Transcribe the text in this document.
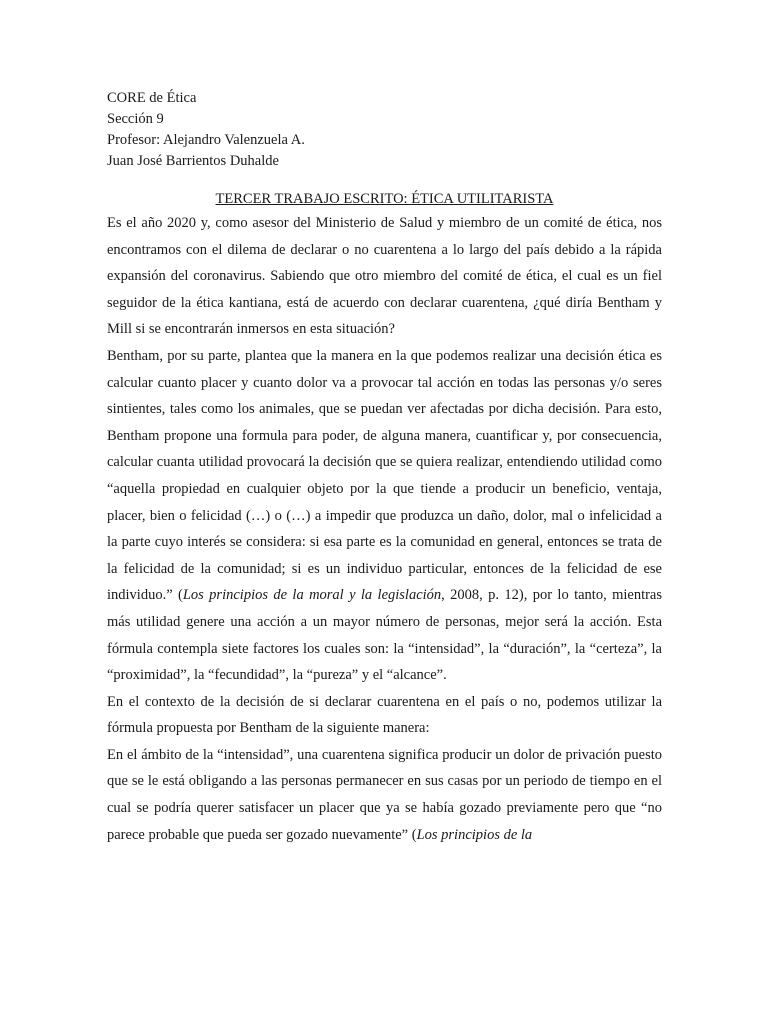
CORE de Ética

Sección 9

Profesor: Alejandro Valenzuela A.

Juan José Barrientos Duhalde

TERCER TRABAJO ESCRITO: ÉTICA UTILITARISTA

Es el año 2020 y, como asesor del Ministerio de Salud y miembro de un comité de ética, nos encontramos con el dilema de declarar o no cuarentena a lo largo del país debido a la rápida expansión del coronavirus. Sabiendo que otro miembro del comité de ética, el cual es un fiel seguidor de la ética kantiana, está de acuerdo con declarar cuarentena, ¿qué diría Bentham y Mill si se encontrarán inmersos en esta situación?

Bentham, por su parte, plantea que la manera en la que podemos realizar una decisión ética es calcular cuanto placer y cuanto dolor va a provocar tal acción en todas las personas y/o seres sintientes, tales como los animales, que se puedan ver afectadas por dicha decisión. Para esto, Bentham propone una formula para poder, de alguna manera, cuantificar y, por consecuencia, calcular cuanta utilidad provocará la decisión que se quiera realizar, entendiendo utilidad como “aquella propiedad en cualquier objeto por la que tiende a producir un beneficio, ventaja, placer, bien o felicidad (…) o (…) a impedir que produzca un daño, dolor, mal o infelicidad a la parte cuyo interés se considera: si esa parte es la comunidad en general, entonces se trata de la felicidad de la comunidad; si es un individuo particular, entonces de la felicidad de ese individuo.” (Los principios de la moral y la legislación, 2008, p. 12), por lo tanto, mientras más utilidad genere una acción a un mayor número de personas, mejor será la acción. Esta fórmula contempla siete factores los cuales son: la “intensidad”, la “duración”, la “certeza”, la “proximidad”, la “fecundidad”, la “pureza” y el “alcance”.

En el contexto de la decisión de si declarar cuarentena en el país o no, podemos utilizar la fórmula propuesta por Bentham de la siguiente manera:

En el ámbito de la “intensidad”, una cuarentena significa producir un dolor de privación puesto que se le está obligando a las personas permanecer en sus casas por un periodo de tiempo en el cual se podría querer satisfacer un placer que ya se había gozado previamente pero que “no parece probable que pueda ser gozado nuevamente” (Los principios de la
